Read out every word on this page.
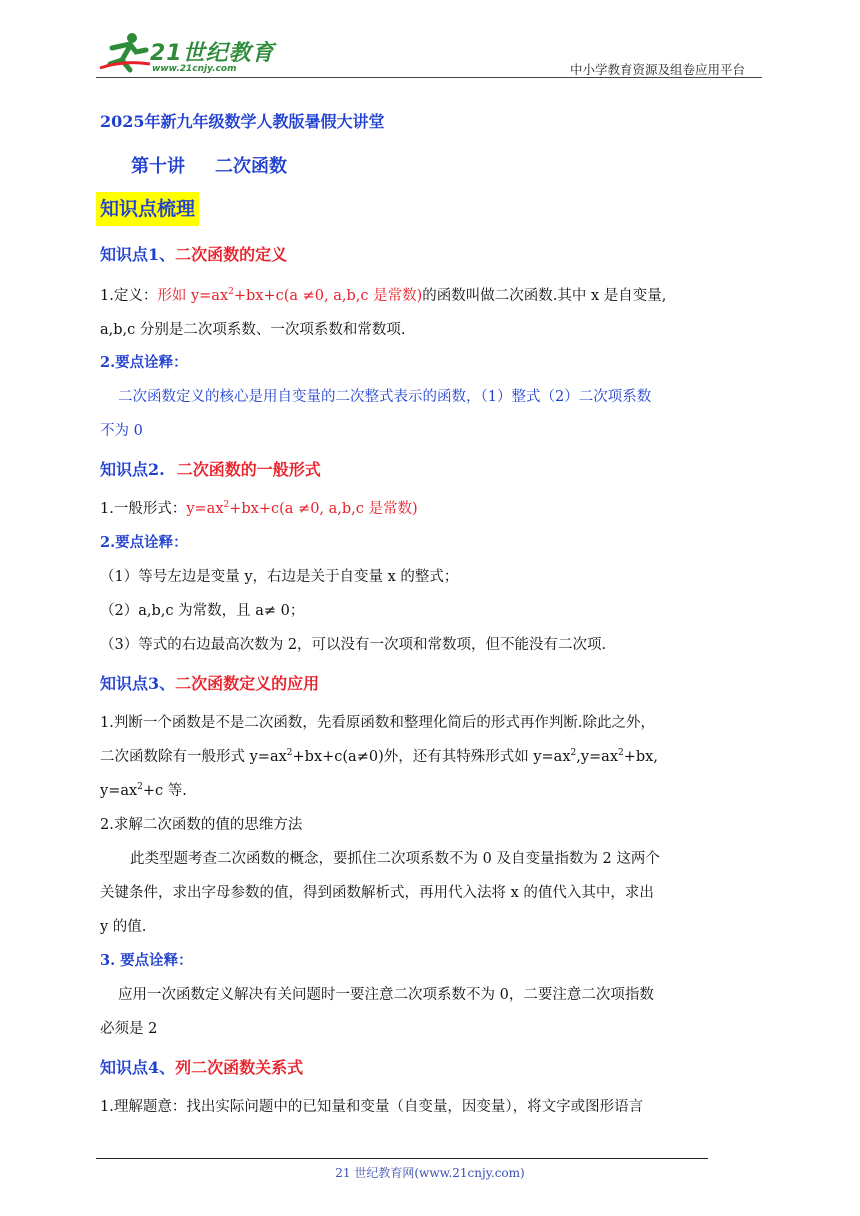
21世纪教育
www.21cnjy.com	中小学教育资源及组卷应用平台
2025年新九年级数学人教版暑假大讲堂
第十讲 二次函数
知识点梳理
知识点1、二次函数的定义
1.定义：形如 $y=ax^2+bx+c(a \ne 0$, a,b,c 是常数)的函数叫做二次函数.其中 x 是自变量,
a,b,c 分别是二次项系数、一次项系数和常数项.
2.要点诠释：
二次函数定义的核心是用自变量的二次整式表示的函数，（1）整式（2）二次项系数
不为 0
知识点2. 二次函数的一般形式
1.一般形式：$y=ax^2+bx+c(a \ne 0$, a,b,c 是常数)
2.要点诠释：
（1）等号左边是变量 y，右边是关于自变量 x 的整式；
（2）a,b,c 为常数，且 a≠ 0；
（3）等式的右边最高次数为 2，可以没有一次项和常数项，但不能没有二次项.
知识点3、二次函数定义的应用
1.判断一个函数是不是二次函数，先看原函数和整理化简后的形式再作判断.除此之外，
二次函数除有一般形式 $y=ax^2+bx+c(a\ne 0)$外，还有其特殊形式如 $y=ax^2,y=ax^2+bx$,
$y=ax^2+c$ 等.
2.求解二次函数的值的思维方法
此类型题考查二次函数的概念，要抓住二次项系数不为 0 及自变量指数为 2 这两个
关键条件，求出字母参数的值，得到函数解析式，再用代入法将 x 的值代入其中，求出
y 的值.
3. 要点诠释：
应用一次函数定义解决有关问题时一要注意二次项系数不为 0，二要注意二次项指数
必须是 2
知识点4、列二次函数关系式
1.理解题意：找出实际问题中的已知量和变量（自变量，因变量），将文字或图形语言
21 世纪教育网(www.21cnjy.com)
